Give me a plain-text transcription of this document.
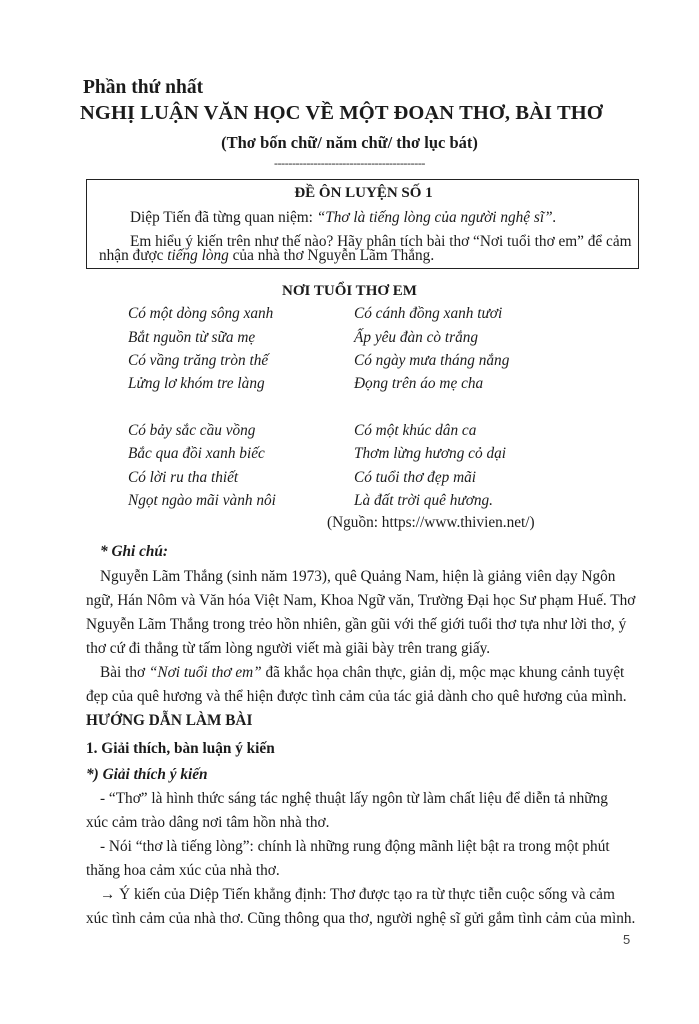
Phần thứ nhất
NGHỊ LUẬN VĂN HỌC VỀ MỘT ĐOẠN THƠ, BÀI THƠ
(Thơ bốn chữ/ năm chữ/ thơ lục bát)
------------------------------------------
ĐỀ ÔN LUYỆN SỐ 1
Diệp Tiến đã từng quan niệm: “Thơ là tiếng lòng của người nghệ sĩ”.
Em hiểu ý kiến trên như thế nào? Hãy phân tích bài thơ “Nơi tuổi thơ em” để cảm
nhận được tiếng lòng của nhà thơ Nguyễn Lãm Thắng.
NƠI TUỔI THƠ EM
Có một dòng sông xanh
Bắt nguồn từ sữa mẹ
Có vầng trăng tròn thế
Lửng lơ khóm tre làng
Có cánh đồng xanh tươi
Ấp yêu đàn cò trắng
Có ngày mưa tháng nắng
Đọng trên áo mẹ cha
Có bảy sắc cầu vồng
Bắc qua đồi xanh biếc
Có lời ru tha thiết
Ngọt ngào mãi vành nôi
Có một khúc dân ca
Thơm lừng hương cỏ dại
Có tuổi thơ đẹp mãi
Là đất trời quê hương.
(Nguồn: https://www.thivien.net/)
* Ghi chú:
Nguyễn Lãm Thắng (sinh năm 1973), quê Quảng Nam, hiện là giảng viên dạy Ngôn
ngữ, Hán Nôm và Văn hóa Việt Nam, Khoa Ngữ văn, Trường Đại học Sư phạm Huế. Thơ
Nguyễn Lãm Thắng trong trẻo hồn nhiên, gần gũi với thế giới tuổi thơ tựa như lời thơ, ý
thơ cứ đi thẳng từ tấm lòng người viết mà giãi bày trên trang giấy.
Bài thơ “Nơi tuổi thơ em” đã khắc họa chân thực, giản dị, mộc mạc khung cảnh tuyệt
đẹp của quê hương và thể hiện được tình cảm của tác giả dành cho quê hương của mình.
HƯỚNG DẪN LÀM BÀI
1. Giải thích, bàn luận ý kiến
*) Giải thích ý kiến
- “Thơ” là hình thức sáng tác nghệ thuật lấy ngôn từ làm chất liệu để diễn tả những
xúc cảm trào dâng nơi tâm hồn nhà thơ.
- Nói “thơ là tiếng lòng”: chính là những rung động mãnh liệt bật ra trong một phút
thăng hoa cảm xúc của nhà thơ.
→ Ý kiến của Diệp Tiến khẳng định: Thơ được tạo ra từ thực tiễn cuộc sống và cảm
xúc tình cảm của nhà thơ. Cũng thông qua thơ, người nghệ sĩ gửi gắm tình cảm của mình.
5
